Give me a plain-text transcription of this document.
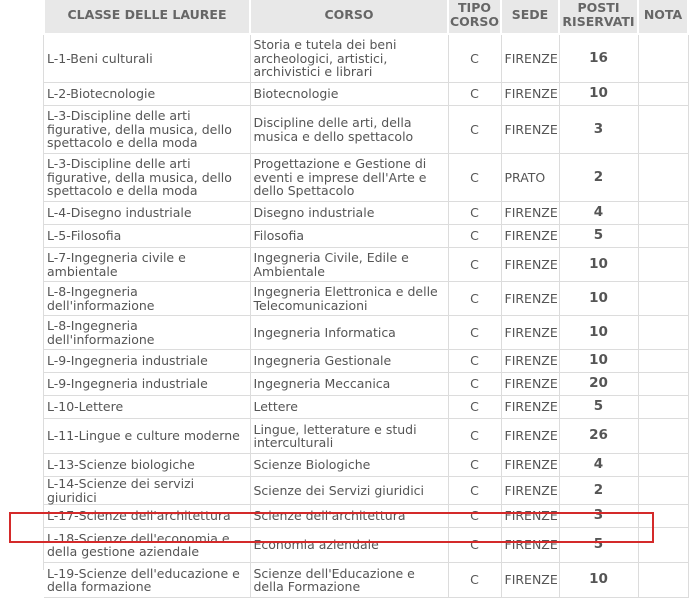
CLASSE DELLE LAUREE	CORSO	TIPO CORSO	SEDE	POSTI RISERVATI	NOTA
L-1-Beni culturali	Storia e tutela dei beni archeologici, artistici, archivistici e librari	C	FIRENZE	16	
L-2-Biotecnologie	Biotecnologie	C	FIRENZE	10	
L-3-Discipline delle arti figurative, della musica, dello spettacolo e della moda	Discipline delle arti, della musica e dello spettacolo	C	FIRENZE	3	
L-3-Discipline delle arti figurative, della musica, dello spettacolo e della moda	Progettazione e Gestione di eventi e imprese dell'Arte e dello Spettacolo	C	PRATO	2	
L-4-Disegno industriale	Disegno industriale	C	FIRENZE	4	
L-5-Filosofia	Filosofia	C	FIRENZE	5	
L-7-Ingegneria civile e ambientale	Ingegneria Civile, Edile e Ambientale	C	FIRENZE	10	
L-8-Ingegneria dell'informazione	Ingegneria Elettronica e delle Telecomunicazioni	C	FIRENZE	10	
L-8-Ingegneria dell'informazione	Ingegneria Informatica	C	FIRENZE	10	
L-9-Ingegneria industriale	Ingegneria Gestionale	C	FIRENZE	10	
L-9-Ingegneria industriale	Ingegneria Meccanica	C	FIRENZE	20	
L-10-Lettere	Lettere	C	FIRENZE	5	
L-11-Lingue e culture moderne	Lingue, letterature e studi interculturali	C	FIRENZE	26	
L-13-Scienze biologiche	Scienze Biologiche	C	FIRENZE	4	
L-14-Scienze dei servizi giuridici	Scienze dei Servizi giuridici	C	FIRENZE	2	
L-17-Scienze dell'architettura	Scienze dell'architettura	C	FIRENZE	3	
L-18-Scienze dell'economia e della gestione aziendale	Economia aziendale	C	FIRENZE	5	
L-19-Scienze dell'educazione e della formazione	Scienze dell'Educazione e della Formazione	C	FIRENZE	10	
